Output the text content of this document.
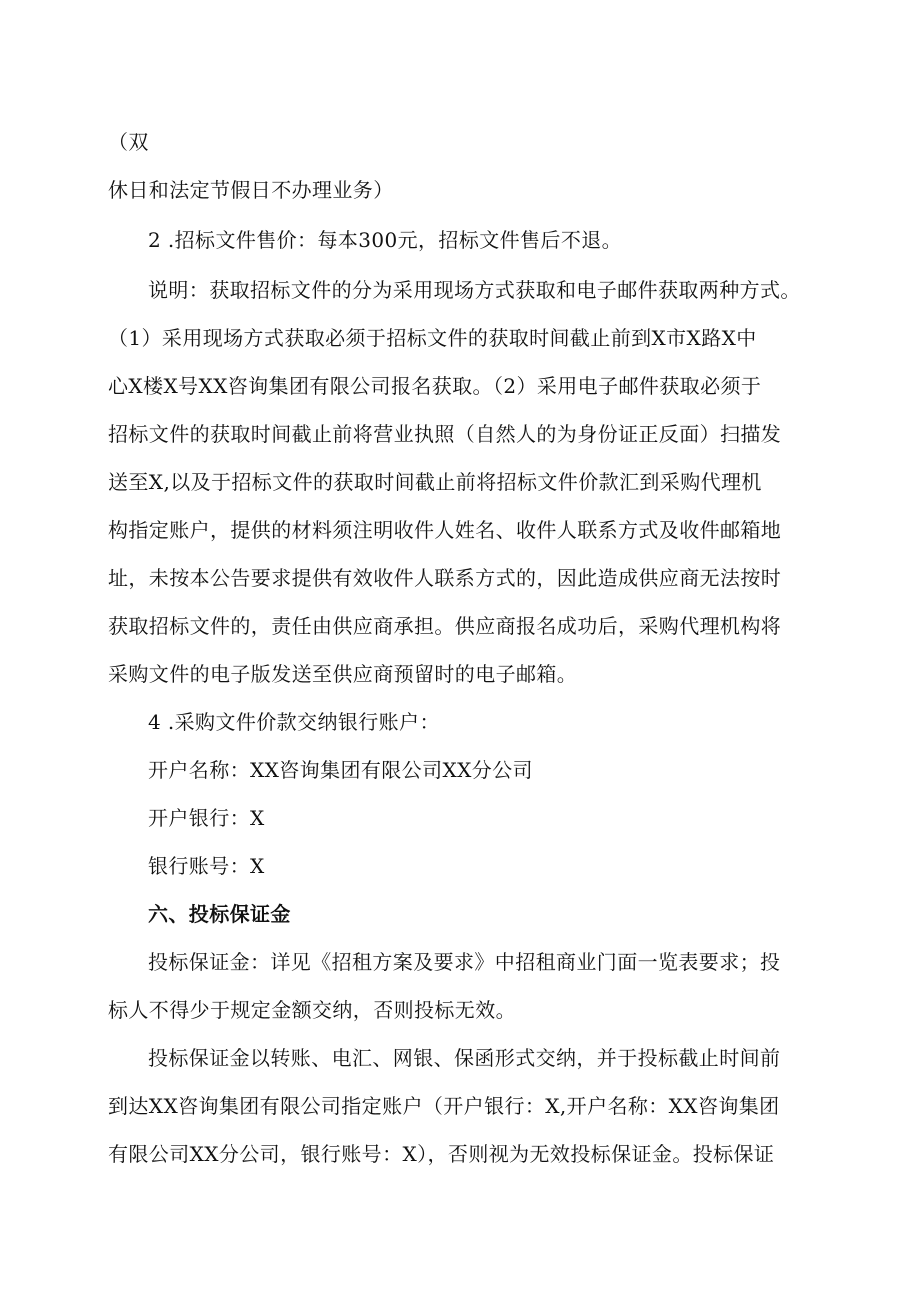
（双
休日和法定节假日不办理业务）
2 .招标文件售价：每本300元，招标文件售后不退。
说明：获取招标文件的分为采用现场方式获取和电子邮件获取两种方式。
（1）采用现场方式获取必须于招标文件的获取时间截止前到X市X路X中
心X楼X号XX咨询集团有限公司报名获取。（2）采用电子邮件获取必须于
招标文件的获取时间截止前将营业执照（自然人的为身份证正反面）扫描发
送至X,以及于招标文件的获取时间截止前将招标文件价款汇到采购代理机
构指定账户，提供的材料须注明收件人姓名、收件人联系方式及收件邮箱地
址，未按本公告要求提供有效收件人联系方式的，因此造成供应商无法按时
获取招标文件的，责任由供应商承担。供应商报名成功后，采购代理机构将
采购文件的电子版发送至供应商预留时的电子邮箱。
4 .采购文件价款交纳银行账户：
开户名称：XX咨询集团有限公司XX分公司
开户银行：X
银行账号：X
六、投标保证金
投标保证金：详见《招租方案及要求》中招租商业门面一览表要求；投
标人不得少于规定金额交纳，否则投标无效。
投标保证金以转账、电汇、网银、保函形式交纳，并于投标截止时间前
到达XX咨询集团有限公司指定账户（开户银行：X,开户名称：XX咨询集团
有限公司XX分公司，银行账号：X），否则视为无效投标保证金。投标保证
